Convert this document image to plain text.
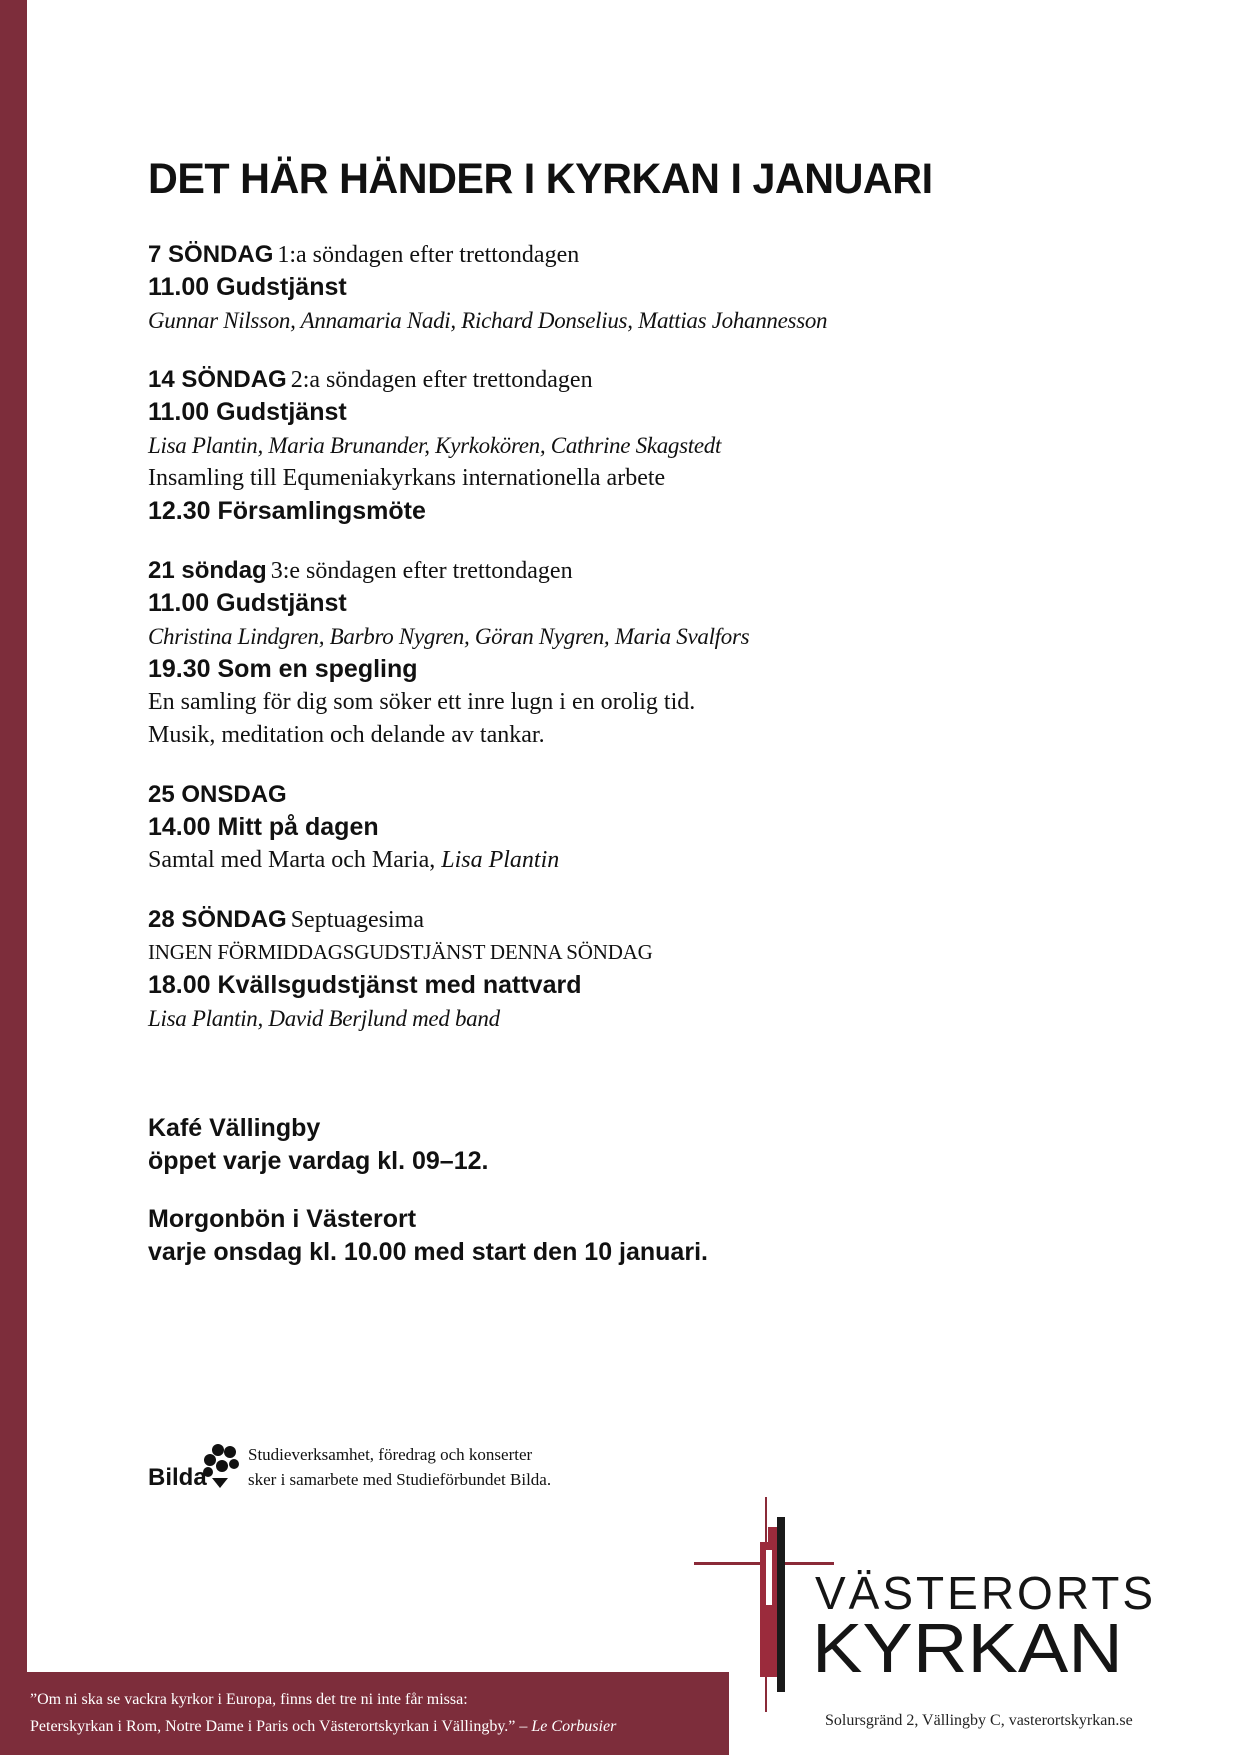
DET HÄR HÄNDER I KYRKAN I JANUARI
7 SÖNDAG 1:a söndagen efter trettondagen
11.00 Gudstjänst
Gunnar Nilsson, Annamaria Nadi, Richard Donselius, Mattias Johannesson
14 SÖNDAG 2:a söndagen efter trettondagen
11.00 Gudstjänst
Lisa Plantin, Maria Brunander, Kyrkokören, Cathrine Skagstedt
Insamling till Equmeniakyrkans internationella arbete
12.30 Församlingsmöte
21 söndag 3:e söndagen efter trettondagen
11.00 Gudstjänst
Christina Lindgren, Barbro Nygren, Göran Nygren, Maria Svalfors
19.30 Som en spegling
En samling för dig som söker ett inre lugn i en orolig tid.
Musik, meditation och delande av tankar.
25 ONSDAG
14.00 Mitt på dagen
Samtal med Marta och Maria, Lisa Plantin
28 SÖNDAG Septuagesima
INGEN FÖRMIDDAGSGUDSTJÄNST DENNA SÖNDAG
18.00 Kvällsgudstjänst med nattvard
Lisa Plantin, David Berjlund med band
Kafé Vällingby
öppet varje vardag kl. 09–12.
Morgonbön i Västerort
varje onsdag kl. 10.00 med start den 10 januari.
Bilda
Studieverksamhet, föredrag och konserter
sker i samarbete med Studieförbundet Bilda.
VÄSTERORTS
KYRKAN
Solursgränd 2, Vällingby C, vasterortskyrkan.se
”Om ni ska se vackra kyrkor i Europa, finns det tre ni inte får missa:
Peterskyrkan i Rom, Notre Dame i Paris och Västerortskyrkan i Vällingby.” – Le Corbusier
